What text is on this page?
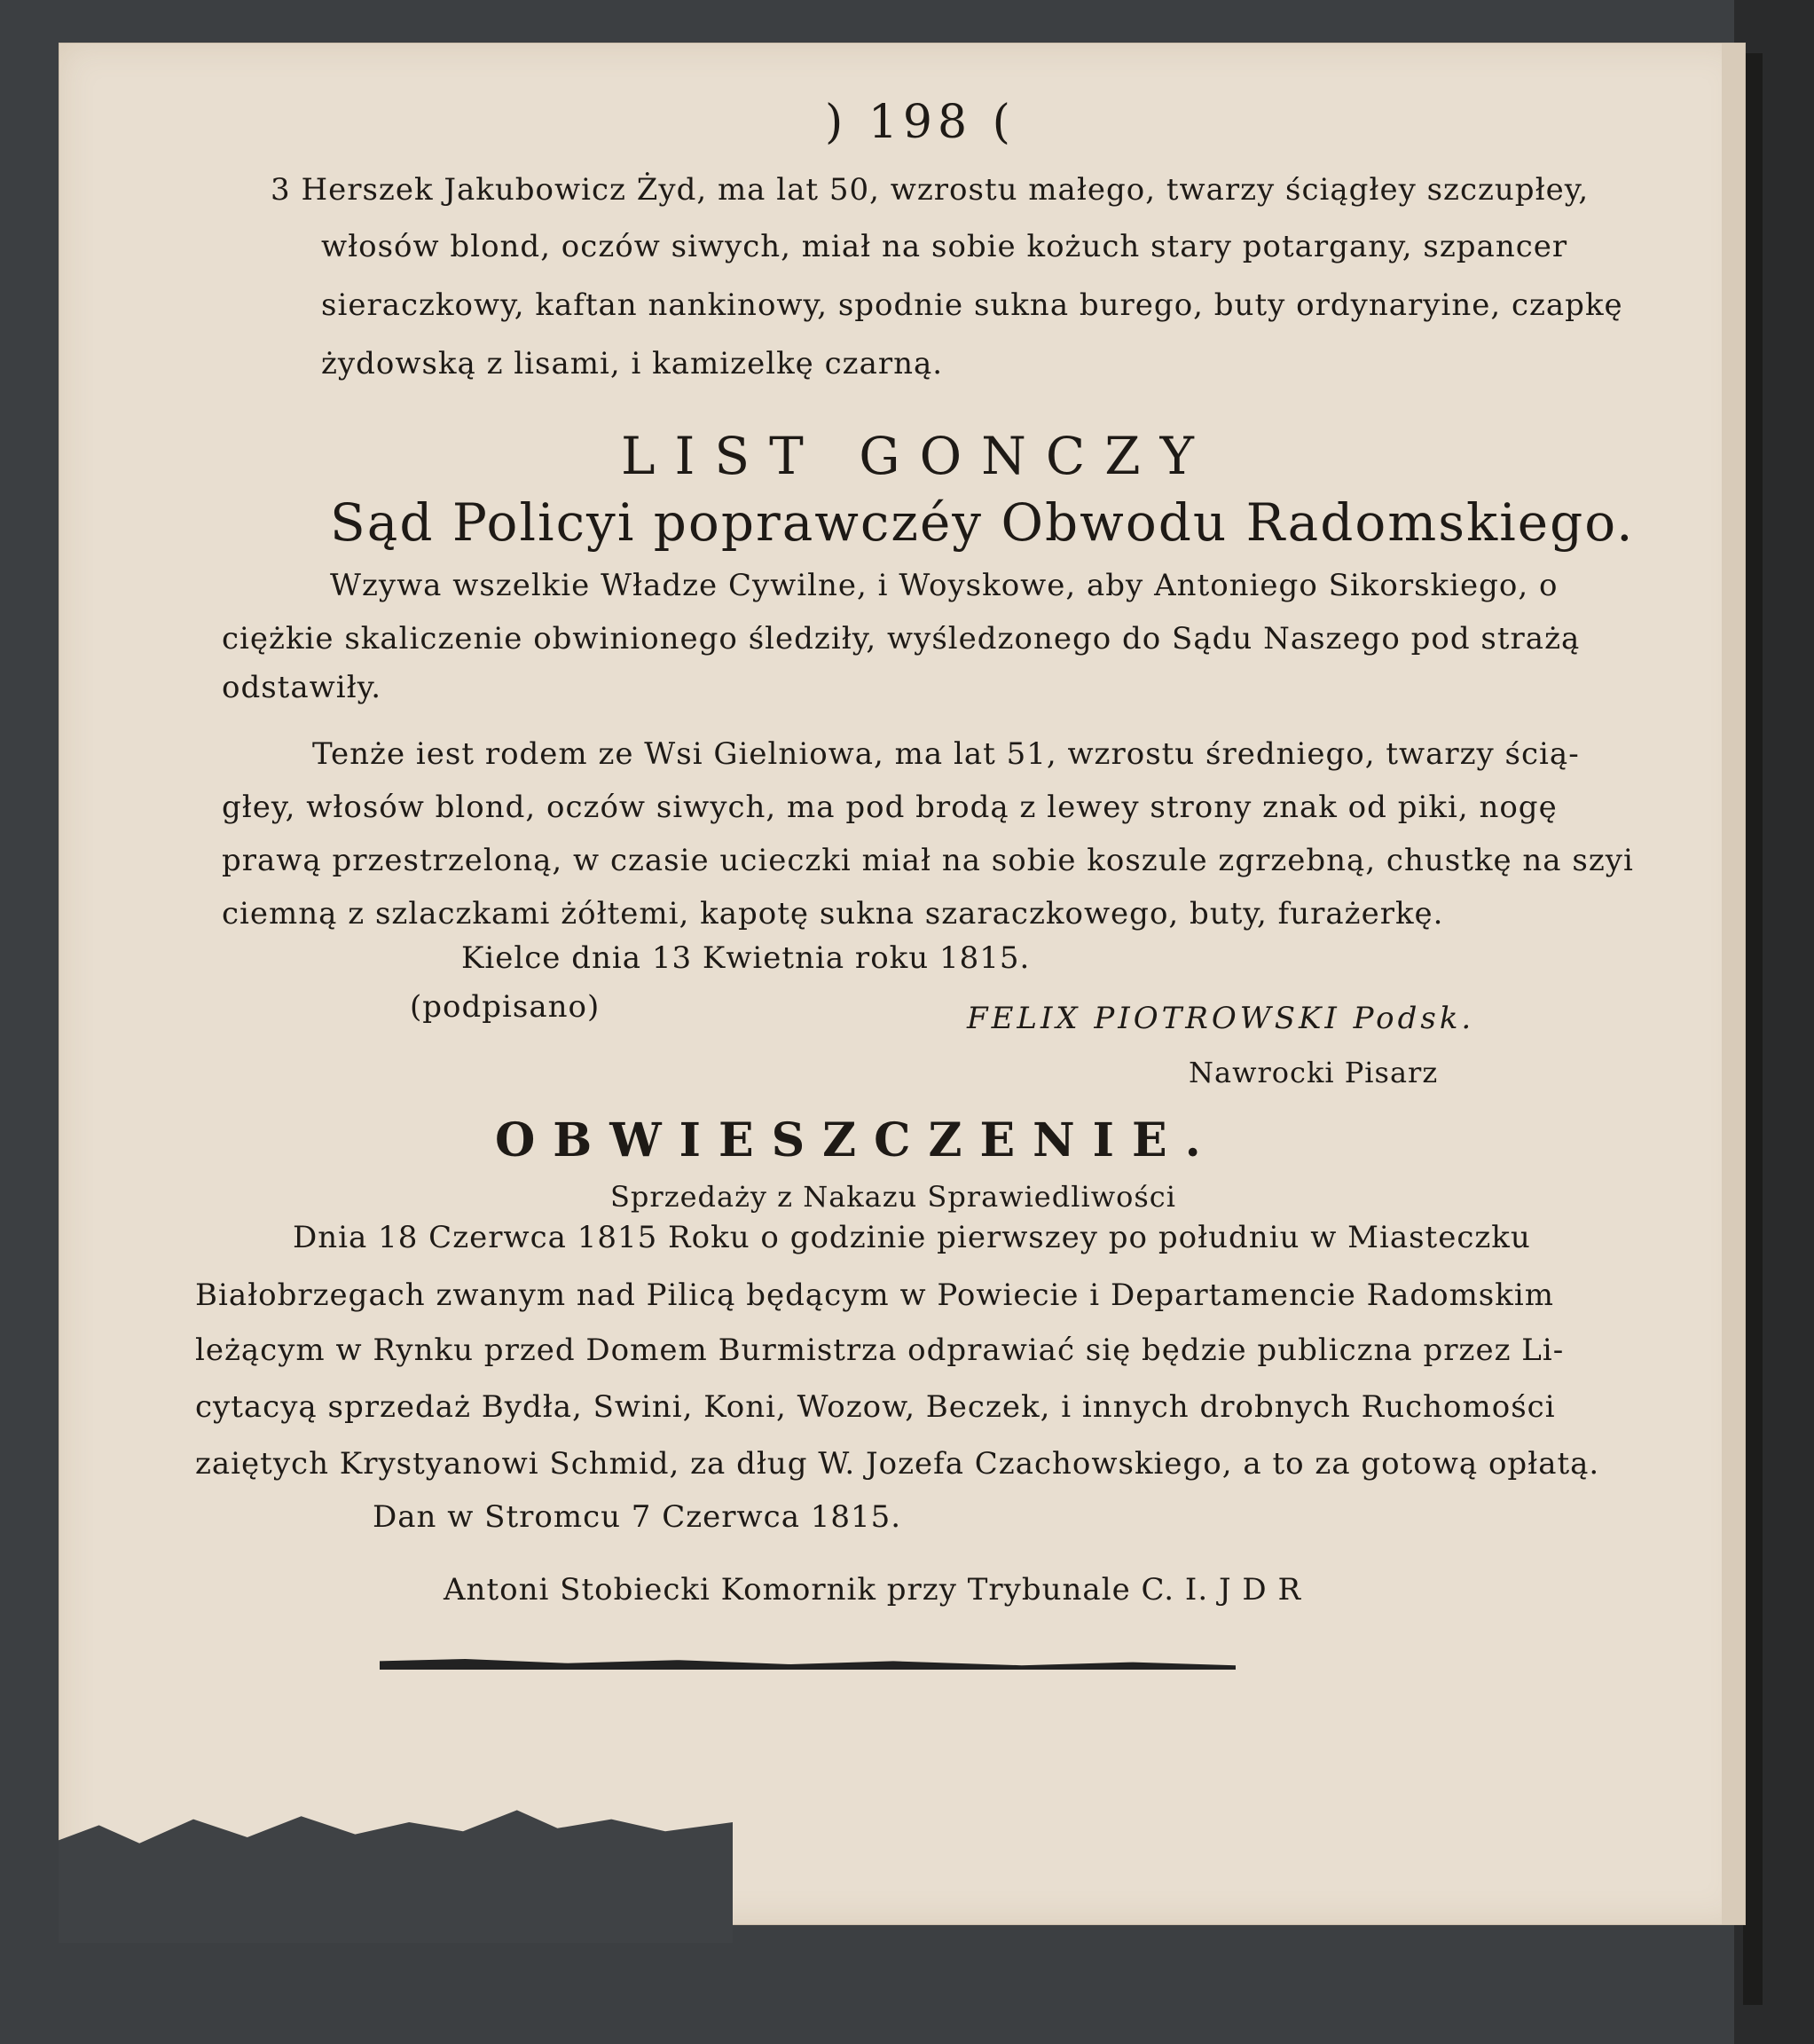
) 198 (
3 Herszek Jakubowicz Żyd, ma lat 50, wzrostu małego, twarzy ściągłey szczupłey,
włosów blond, oczów siwych, miał na sobie kożuch stary potargany, szpancer
sieraczkowy, kaftan nankinowy, spodnie sukna burego, buty ordynaryine, czapkę
żydowską z lisami, i kamizelkę czarną.
LIST GONCZY
Sąd Policyi poprawczéy Obwodu Radomskiego.
Wzywa wszelkie Władze Cywilne, i Woyskowe, aby Antoniego Sikorskiego, o
ciężkie skaliczenie obwinionego śledziły, wyśledzonego do Sądu Naszego pod strażą
odstawiły.
Tenże iest rodem ze Wsi Gielniowa, ma lat 51, wzrostu średniego, twarzy ścią-
głey, włosów blond, oczów siwych, ma pod brodą z lewey strony znak od piki, nogę
prawą przestrzeloną, w czasie ucieczki miał na sobie koszule zgrzebną, chustkę na szyi
ciemną z szlaczkami żółtemi, kapotę sukna szaraczkowego, buty, furażerkę.
Kielce dnia 13 Kwietnia roku 1815.
(podpisano)	FELIX PIOTROWSKI Podsk.
Nawrocki Pisarz
OBWIESZCZENIE.
Sprzedaży z Nakazu Sprawiedliwości
Dnia 18 Czerwca 1815 Roku o godzinie pierwszey po południu w Miasteczku
Białobrzegach zwanym nad Pilicą będącym w Powiecie i Departamencie Radomskim
leżącym w Rynku przed Domem Burmistrza odprawiać się będzie publiczna przez Li-
cytacyą sprzedaż Bydła, Swini, Koni, Wozow, Beczek, i innych drobnych Ruchomości
zaiętych Krystyanowi Schmid, za dług W. Jozefa Czachowskiego, a to za gotową opłatą.
Dan w Stromcu 7 Czerwca 1815.
Antoni Stobiecki Komornik przy Trybunale C. I. J D R
